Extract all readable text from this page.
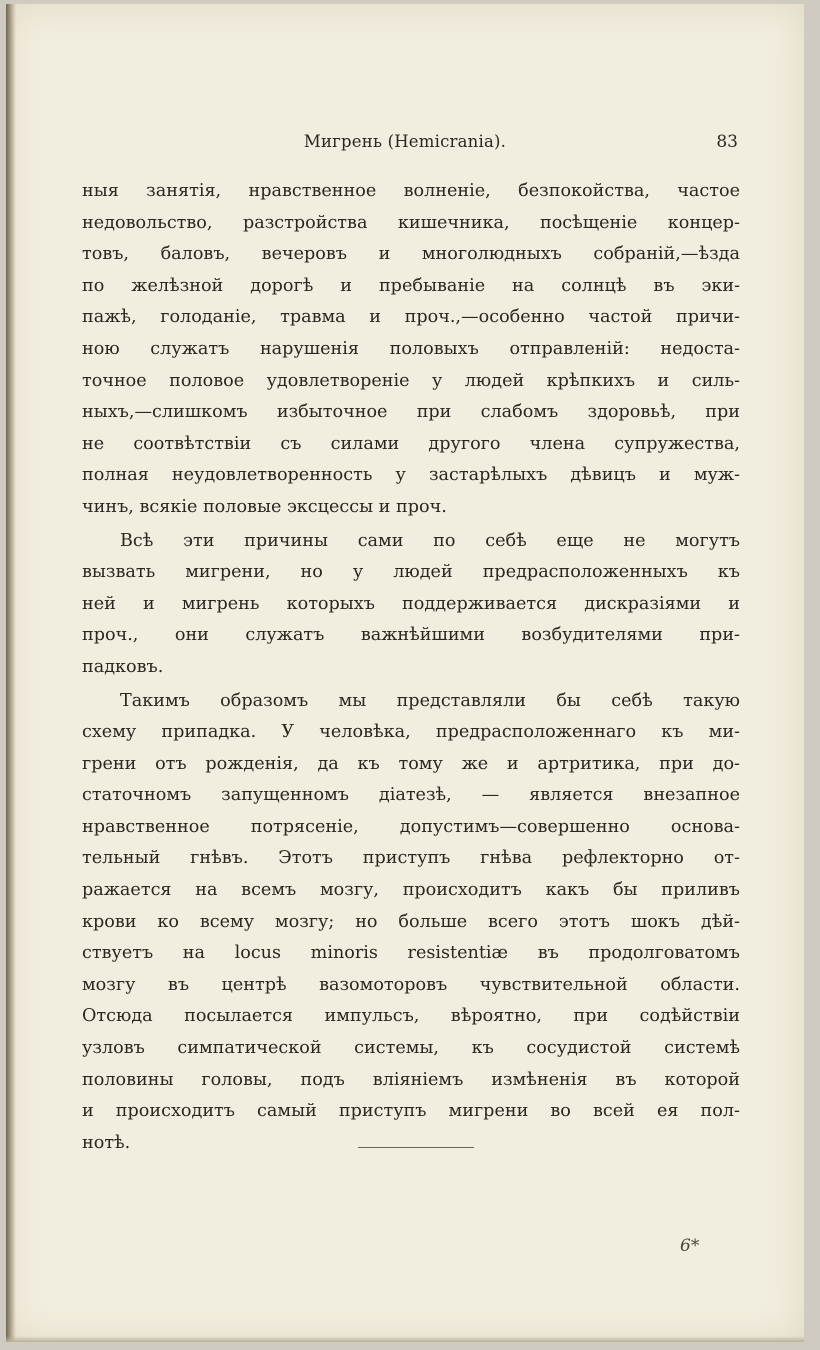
Мигрень (Hemicrania).	83
ныя занятія, нравственное волненіе, безпокойства, частое
недовольство, разстройства кишечника, посѣщеніе концер-
товъ, баловъ, вечеровъ и многолюдныхъ собраній,—ѣзда
по желѣзной дорогѣ и пребываніе на солнцѣ въ эки-
пажѣ, голоданіе, травма и проч.,—особенно частой причи-
ною служатъ нарушенія половыхъ отправленій: недоста-
точное половое удовлетвореніе у людей крѣпкихъ и силь-
ныхъ,—слишкомъ избыточное при слабомъ здоровьѣ, при
не соотвѣтствіи съ силами другого члена супружества,
полная неудовлетворенность у застарѣлыхъ дѣвицъ и муж-
чинъ, всякіе половые эксцессы и проч.
Всѣ эти причины сами по себѣ еще не могутъ
вызвать мигрени, но у людей предрасположенныхъ къ
ней и мигрень которыхъ поддерживается дискразіями и
проч., они служатъ важнѣйшими возбудителями при-
падковъ.
Такимъ образомъ мы представляли бы себѣ такую
схему припадка. У человѣка, предрасположеннаго къ ми-
грени отъ рожденія, да къ тому же и артритика, при до-
статочномъ запущенномъ діатезѣ, — является внезапное
нравственное потрясеніе, допустимъ—совершенно основа-
тельный гнѣвъ. Этотъ приступъ гнѣва рефлекторно от-
ражается на всемъ мозгу, происходитъ какъ бы приливъ
крови ко всему мозгу; но больше всего этотъ шокъ дѣй-
ствуетъ на locus minoris resistentiæ въ продолговатомъ
мозгу въ центрѣ вазомоторовъ чувствительной области.
Отсюда посылается импульсъ, вѣроятно, при содѣйствіи
узловъ симпатической системы, къ сосудистой системѣ
половины головы, подъ вліяніемъ измѣненія въ которой
и происходитъ самый приступъ мигрени во всей ея пол-
нотѣ.
6*
